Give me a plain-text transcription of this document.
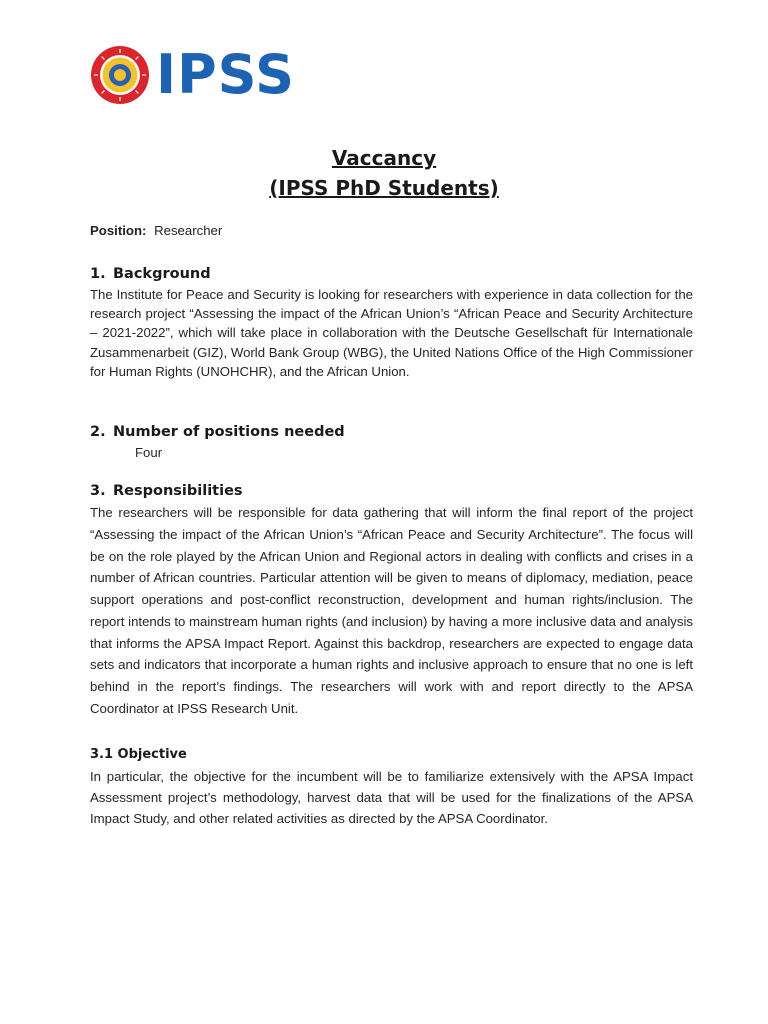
IPSS

Vaccancy

(IPSS PhD Students)

Position: Researcher
1. Background

The Institute for Peace and Security is looking for researchers with experience in data collection for the research project “Assessing the impact of the African Union’s “African Peace and Security Architecture – 2021-2022”, which will take place in collaboration with the Deutsche Gesellschaft für Internationale Zusammenarbeit (GIZ), World Bank Group (WBG), the United Nations Office of the High Commissioner for Human Rights (UNOHCHR), and the African Union.

2. Number of positions needed

Four

3. Responsibilities

The researchers will be responsible for data gathering that will inform the final report of the project “Assessing the impact of the African Union’s “African Peace and Security Architecture”. The focus will be on the role played by the African Union and Regional actors in dealing with conflicts and crises in a number of African countries. Particular attention will be given to means of diplomacy, mediation, peace support operations and post-conflict reconstruction, development and human rights/inclusion. The report intends to mainstream human rights (and inclusion) by having a more inclusive data and analysis that informs the APSA Impact Report. Against this backdrop, researchers are expected to engage data sets and indicators that incorporate a human rights and inclusive approach to ensure that no one is left behind in the report’s findings. The researchers will work with and report directly to the APSA Coordinator at IPSS Research Unit.

3.1 Objective

In particular, the objective for the incumbent will be to familiarize extensively with the APSA Impact Assessment project’s methodology, harvest data that will be used for the finalizations of the APSA Impact Study, and other related activities as directed by the APSA Coordinator.
